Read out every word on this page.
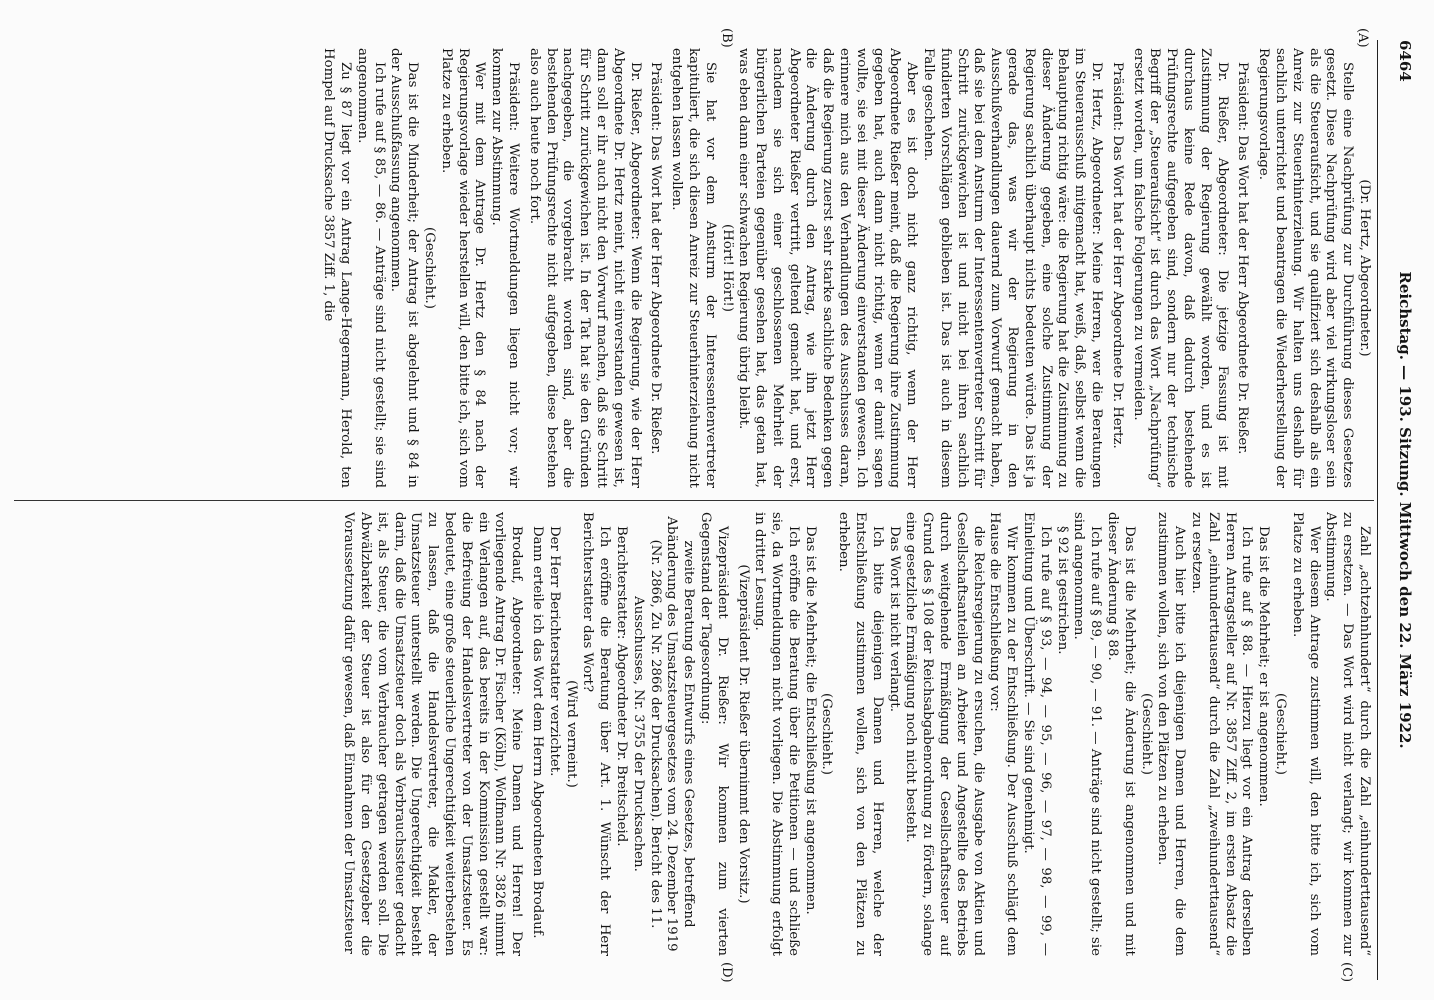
6464
Reichstag. — 193. Sitzung. Mittwoch den 22. März 1922.
(A)
(B)
(C)
(D)

(Dr. Hertz, Abgeordneter.)

Stelle eine Nachprüfung zur Durchführung dieses Gesetzes gesetzt. Diese Nachprüfung wird aber viel wirkungsloser sein als die Steueraufsicht, und sie qualifiziert sich deshalb als ein Anreiz zur Steuerhinterziehung. Wir halten uns deshalb für sachlich unterrichtet und beantragen die Wiederherstellung der Regierungsvorlage.

Präsident: Das Wort hat der Herr Abgeordnete Dr. Rießer.

Dr. Rießer, Abgeordneter: Die jetzige Fassung ist mit Zustimmung der Regierung gewählt worden, und es ist durchaus keine Rede davon, daß dadurch bestehende Prüfungsrechte aufgegeben sind, sondern nur der technische Begriff der „Steueraufsicht“ ist durch das Wort „Nachprüfung“ ersetzt worden, um falsche Folgerungen zu vermeiden.

Präsident: Das Wort hat der Herr Abgeordnete Dr. Hertz.

Dr. Hertz, Abgeordneter: Meine Herren, wer die Beratungen im Steuerausschuß mitgemacht hat, weiß, daß, selbst wenn die Behauptung richtig wäre: die Regierung hat die Zustimmung zu dieser Änderung gegeben, eine solche Zustimmung der Regierung sachlich überhaupt nichts bedeuten würde. Das ist ja gerade das, was wir der Regierung in den Ausschußverhandlungen dauernd zum Vorwurf gemacht haben, daß sie bei dem Ansturm der Interessentenvertreter Schritt für Schritt zurückgewichen ist und nicht bei ihren sachlich fundierten Vorschlägen geblieben ist. Das ist auch in diesem Falle geschehen.

Aber es ist doch nicht ganz richtig, wenn der Herr Abgeordnete Rießer meint, daß die Regierung ihre Zustimmung gegeben hat, auch dann nicht richtig, wenn er damit sagen wollte, sie sei mit dieser Änderung einverstanden gewesen. Ich erinnere mich aus den Verhandlungen des Ausschusses daran, daß die Regierung zuerst sehr starke sachliche Bedenken gegen die Änderung durch den Antrag, wie ihn jetzt Herr Abgeordneter Rießer vertritt, geltend gemacht hat, und erst, nachdem sie sich einer geschlossenen Mehrheit der bürgerlichen Parteien gegenüber gesehen hat, das getan hat, was eben dann einer schwachen Regierung übrig bleibt.

(Hört! Hört!)

Sie hat vor dem Ansturm der Interessentenvertreter kapituliert, die sich diesen Anreiz zur Steuerhinterziehung nicht entgehen lassen wollen.

Präsident: Das Wort hat der Herr Abgeordnete Dr. Rießer.

Dr. Rießer, Abgeordneter: Wenn die Regierung, wie der Herr Abgeordnete Dr. Hertz meint, nicht einverstanden gewesen ist, dann soll er ihr auch nicht den Vorwurf machen, daß sie Schritt für Schritt zurückgewichen ist. In der Tat hat sie den Gründen nachgegeben, die vorgebracht worden sind, aber die bestehenden Prüfungsrechte nicht aufgegeben, diese bestehen also auch heute noch fort.

Präsident: Weitere Wortmeldungen liegen nicht vor; wir kommen zur Abstimmung.

Wer mit dem Antrage Dr. Hertz den § 84 nach der Regierungsvorlage wieder herstellen will, den bitte ich, sich vom Platze zu erheben.

(Geschieht.)

Das ist die Minderheit; der Antrag ist abgelehnt und § 84 in der Ausschußfassung angenommen.

Ich rufe auf § 85, — 86. — Anträge sind nicht gestellt; sie sind angenommen.

Zu § 87 liegt vor ein Antrag Lange-Hegermann, Herold, ten Hompel auf Drucksache 3857 Ziff. 1, die

Zahl „achtzehnhundert“ durch die Zahl „einhunderttausend“ zu ersetzen. — Das Wort wird nicht verlangt; wir kommen zur Abstimmung.

Wer diesem Antrage zustimmen will, den bitte ich, sich vom Platze zu erheben.

(Geschieht.)

Das ist die Mehrheit; er ist angenommen.

Ich rufe auf § 88. — Hierzu liegt vor ein Antrag derselben Herren Antragsteller auf Nr. 3857 Ziff. 2, im ersten Absatz die Zahl „einhunderttausend“ durch die Zahl „zweihunderttausend“ zu ersetzen.

Auch hier bitte ich diejenigen Damen und Herren, die dem zustimmen wollen, sich von den Plätzen zu erheben.

(Geschieht.)

Das ist die Mehrheit; die Änderung ist angenommen und mit dieser Änderung § 88.

Ich rufe auf § 89, — 90, — 91. — Anträge sind nicht gestellt; sie sind angenommen.

§ 92 ist gestrichen.

Ich rufe auf § 93, — 94, — 95, — 96, — 97, — 98, — 99, — Einleitung und Überschrift. — Sie sind genehmigt.

Wir kommen zu der Entschließung. Der Ausschuß schlägt dem Hause die Entschließung vor:

die Reichsregierung zu ersuchen, die Ausgabe von Aktien und Gesellschaftsanteilen an Arbeiter und Angestellte des Betriebs durch weitgehende Ermäßigung der Gesellschaftssteuer auf Grund des § 108 der Reichsabgabenordnung zu fördern, solange eine gesetzliche Ermäßigung noch nicht besteht.

Das Wort ist nicht verlangt.

Ich bitte diejenigen Damen und Herren, welche der Entschließung zustimmen wollen, sich von den Plätzen zu erheben.

(Geschieht.)

Das ist die Mehrheit; die Entschließung ist angenommen.

Ich eröffne die Beratung über die Petitionen — und schließe sie, da Wortmeldungen nicht vorliegen. Die Abstimmung erfolgt in dritter Lesung.

(Vizepräsident Dr. Rießer übernimmt den Vorsitz.)

Vizepräsident Dr. Rießer: Wir kommen zum vierten Gegenstand der Tagesordnung:

zweite Beratung des Entwurfs eines Gesetzes, betreffend Abänderung des Umsatzsteuergesetzes vom 24. Dezember 1919 (Nr. 2866, Zu Nr. 2866 der Drucksachen). Bericht des 11. Ausschusses, Nr. 3755 der Drucksachen.

Berichterstatter: Abgeordneter Dr. Breitscheid.

Ich eröffne die Beratung über Art. 1. Wünscht der Herr Berichterstatter das Wort?

(Wird verneint.)

Der Herr Berichterstatter verzichtet.

Dann erteile ich das Wort dem Herrn Abgeordneten Brodauf.

Brodauf, Abgeordneter: Meine Damen und Herren! Der vorliegende Antrag Dr. Fischer (Köln), Wolfmann Nr. 3826 nimmt ein Verlangen auf, das bereits in der Kommission gestellt war: die Befreiung der Handelsvertreter von der Umsatzsteuer. Es bedeutet, eine große steuerliche Ungerechtigkeit weiterbestehen zu lassen, daß die Handelsvertreter, die Makler, der Umsatzsteuer unterstellt werden. Die Ungerechtigkeit besteht darin, daß die Umsatzsteuer doch als Verbrauchssteuer gedacht ist, als Steuer, die vom Verbraucher getragen werden soll. Die Abwälzbarkeit der Steuer ist also für den Gesetzgeber die Voraussetzung dafür gewesen, daß Einnahmen der Umsatzsteuer
